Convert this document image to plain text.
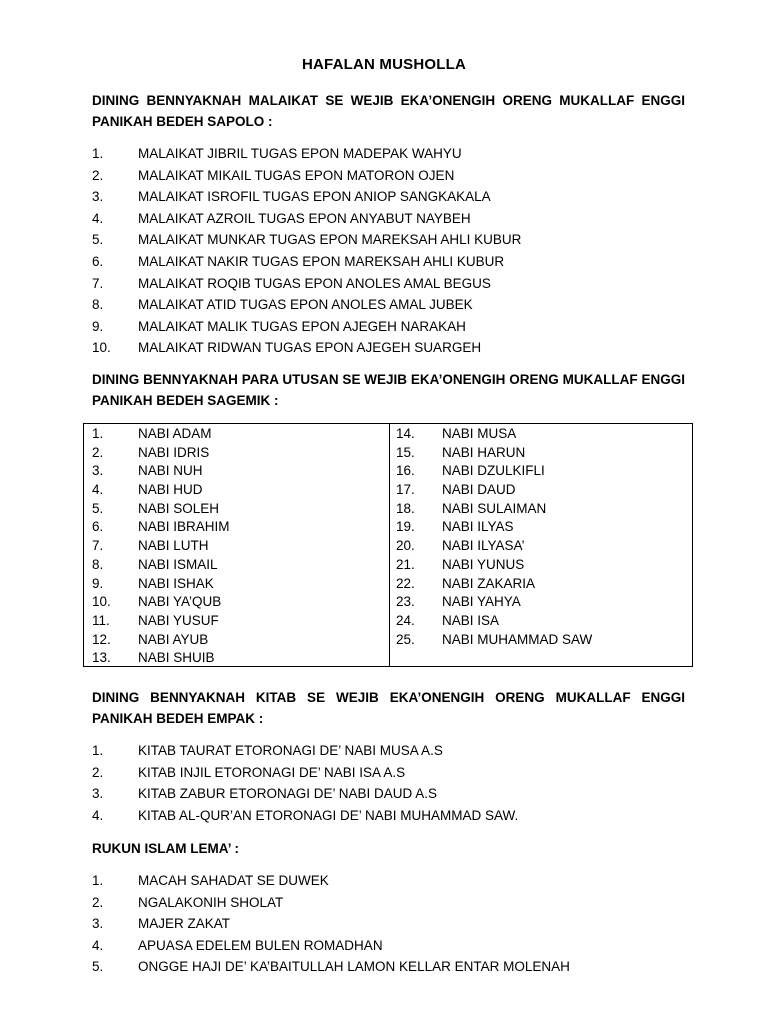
HAFALAN MUSHOLLA
DINING BENNYAKNAH MALAIKAT SE WEJIB EKA’ONENGIH ORENG MUKALLAF ENGGI PANIKAH BEDEH SAPOLO :
1.	MALAIKAT JIBRIL TUGAS EPON MADEPAK WAHYU
2.	MALAIKAT MIKAIL TUGAS EPON MATORON OJEN
3.	MALAIKAT ISROFIL TUGAS EPON ANIOP SANGKAKALA
4.	MALAIKAT AZROIL TUGAS EPON ANYABUT NAYBEH
5.	MALAIKAT MUNKAR TUGAS EPON MAREKSAH AHLI KUBUR
6.	MALAIKAT NAKIR TUGAS EPON MAREKSAH AHLI KUBUR
7.	MALAIKAT ROQIB TUGAS EPON ANOLES AMAL BEGUS
8.	MALAIKAT ATID TUGAS EPON ANOLES AMAL JUBEK
9.	MALAIKAT MALIK TUGAS EPON AJEGEH NARAKAH
10. MALAIKAT RIDWAN TUGAS EPON AJEGEH SUARGEH
DINING BENNYAKNAH PARA UTUSAN SE WEJIB EKA’ONENGIH ORENG MUKALLAF ENGGI PANIKAH BEDEH SAGEMIK :
1.	NABI ADAM
2.	NABI IDRIS
3.	NABI NUH
4.	NABI HUD
5.	NABI SOLEH
6.	NABI IBRAHIM
7.	NABI LUTH
8.	NABI ISMAIL
9.	NABI ISHAK
10. NABI YA’QUB
11. NABI YUSUF
12. NABI AYUB
13. NABI SHUIB
14. NABI MUSA
15. NABI HARUN
16. NABI DZULKIFLI
17. NABI DAUD
18. NABI SULAIMAN
19. NABI ILYAS
20. NABI ILYASA’
21. NABI YUNUS
22. NABI ZAKARIA
23. NABI YAHYA
24. NABI ISA
25. NABI MUHAMMAD SAW
DINING BENNYAKNAH KITAB SE WEJIB EKA’ONENGIH ORENG MUKALLAF ENGGI PANIKAH BEDEH EMPAK :
1.	KITAB TAURAT ETORONAGI DE’ NABI MUSA A.S
2.	KITAB INJIL ETORONAGI DE’ NABI ISA A.S
3.	KITAB ZABUR ETORONAGI DE’ NABI DAUD A.S
4.	KITAB AL-QUR’AN ETORONAGI DE’ NABI MUHAMMAD SAW.
RUKUN ISLAM LEMA’ :
1.	MACAH SAHADAT SE DUWEK
2.	NGALAKONIH SHOLAT
3.	MAJER ZAKAT
4.	APUASA EDELEM BULEN ROMADHAN
5.	ONGGE HAJI DE’ KA’BAITULLAH LAMON KELLAR ENTAR MOLENAH
